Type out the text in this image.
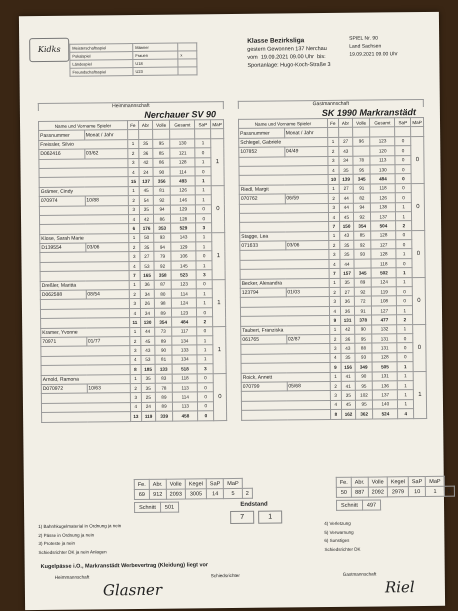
Kidks	Meisterschaftsspiel	Männer	
Pokalspiel	Frauen	x
Ländespiel	U18	
Freundschaftsspiel	U23	
Klasse Bezirksliga
gestern Gewonnen 137 Nerchau
vom 19.09.2021 09.00 Uhr bis:
Sportanlage: Hugo-Koch-Straße 3
SPIEL Nr. 90
Land Sachsen
19.09.2021 09.00 Uhr
Heimmannschaft
Nerchauer SV 90
Name und Vorname Spieler		Fe	Abr	Volle	Gesamt	SaP	MaP
Passnummer	Monat / Jahr						
Freissler, Silvio		1	35	95	130	1	1
D062416	03/62	2	36	85	121	0	
		3	42	86	128	1	
		4	24	90	114	0	
		15	137	356	493	1	
Grämer, Cindy		1	45	81	126	1	0
070974	10/88	2	54	92	146	1	
		3	35	94	129	0	
		4	42	86	128	0	
		6	176	353	529	3	
Klose, Sarah Marie		1	50	93	143	1	1
D139554	03/06	2	35	94	129	1	
		3	27	79	106	0	
		4	53	92	145	1	
		7	165	358	523	3	
Dreßler, Maritta		1	36	87	123	0	1
D062588	08/54	2	34	80	114	1	
		3	26	98	124	1	
		4	34	89	123	0	
		11	130	354	484	2	
Kramer, Yvonne		1	44	73	117	0	1
70971	01/77	2	45	89	134	1	
		3	43	90	133	1	
		4	53	81	134	1	
		8	185	133	518	3	
Arnold, Ramona		1	35	83	118	0	0
D070972	10/63	2	35	78	113	0	
		3	25	89	114	0	
		4	24	89	113	0	
		13	119	339	458	0	
Gastmannschaft
SK 1990 Markranstädt
Name und Vorname Spieler		Fe	Abr	Volle	Gesamt	SaP	MaP
Passnummer	Monat / Jahr						
Schlegel, Gabriele		1	27	96	123	0	0
107852	04/49	2	43		120	0	
		3	34	78	113	0	
		4	35	95	130	0	
		10	139	345	484	0	
Riedl, Margit		1	27	91	118	0	0
070762	06/59	2	44	82	126	0	
		3	44	94	138	1	
		4	45	92	137	1	
		7	150	354	504	2	
Stagge, Lea		1	43	85	128	0	0
071633	03/06	2	35	92	127	0	
		3	35	93	128	1	
		4	44		118	0	
		7	157	345	502	1	
Becker, Alexandra		1	35	89	124	1	0
123794	01/03	2	27	92	119	0	
		3	36	72	108	0	
		4	36	91	127	1	
		9	131	378	477	2	
Taubert, Franziska		1	42	90	132	1	0
061765	02/87	2	36	95	131	0	
		3	43	88	131	0	
		4	35	93	128	0	
		9	156	349	505	1	
Roick, Annett		1	41	90	131	1	1
070799	05/68	2	41	95	136	1	
		3	35	102	137	1	
		4	45	95	140	1	
		8	162	362	524	4	
Fe.	Abr.	Volle	Kegel	SaP	MaP	
69	912	2093	3005	14	5	2
Fe.	Abr.	Volle	Kegel	SaP	MaP	
50	887	2092	2979	10	1	6
Schnitt	501	Schnitt	497
Endstand
7	1
1) Bahnhkugelmaterial in Ordnung ja nein
2) Pässe in Ordnung ja nein
3) Proteste ja nein
Schiedsrichter DK ja nein Anlagen
4) Verletzung
5) Verwarnung
6) Sonstiges
Schiedsrichter DK
Kugelpässe i.O., Markranstädt Werbevertrag (Kleidung) liegt vor
Heimmannschaft	Schiedsrichter	Gastmannschaft
Glasner	Riel
